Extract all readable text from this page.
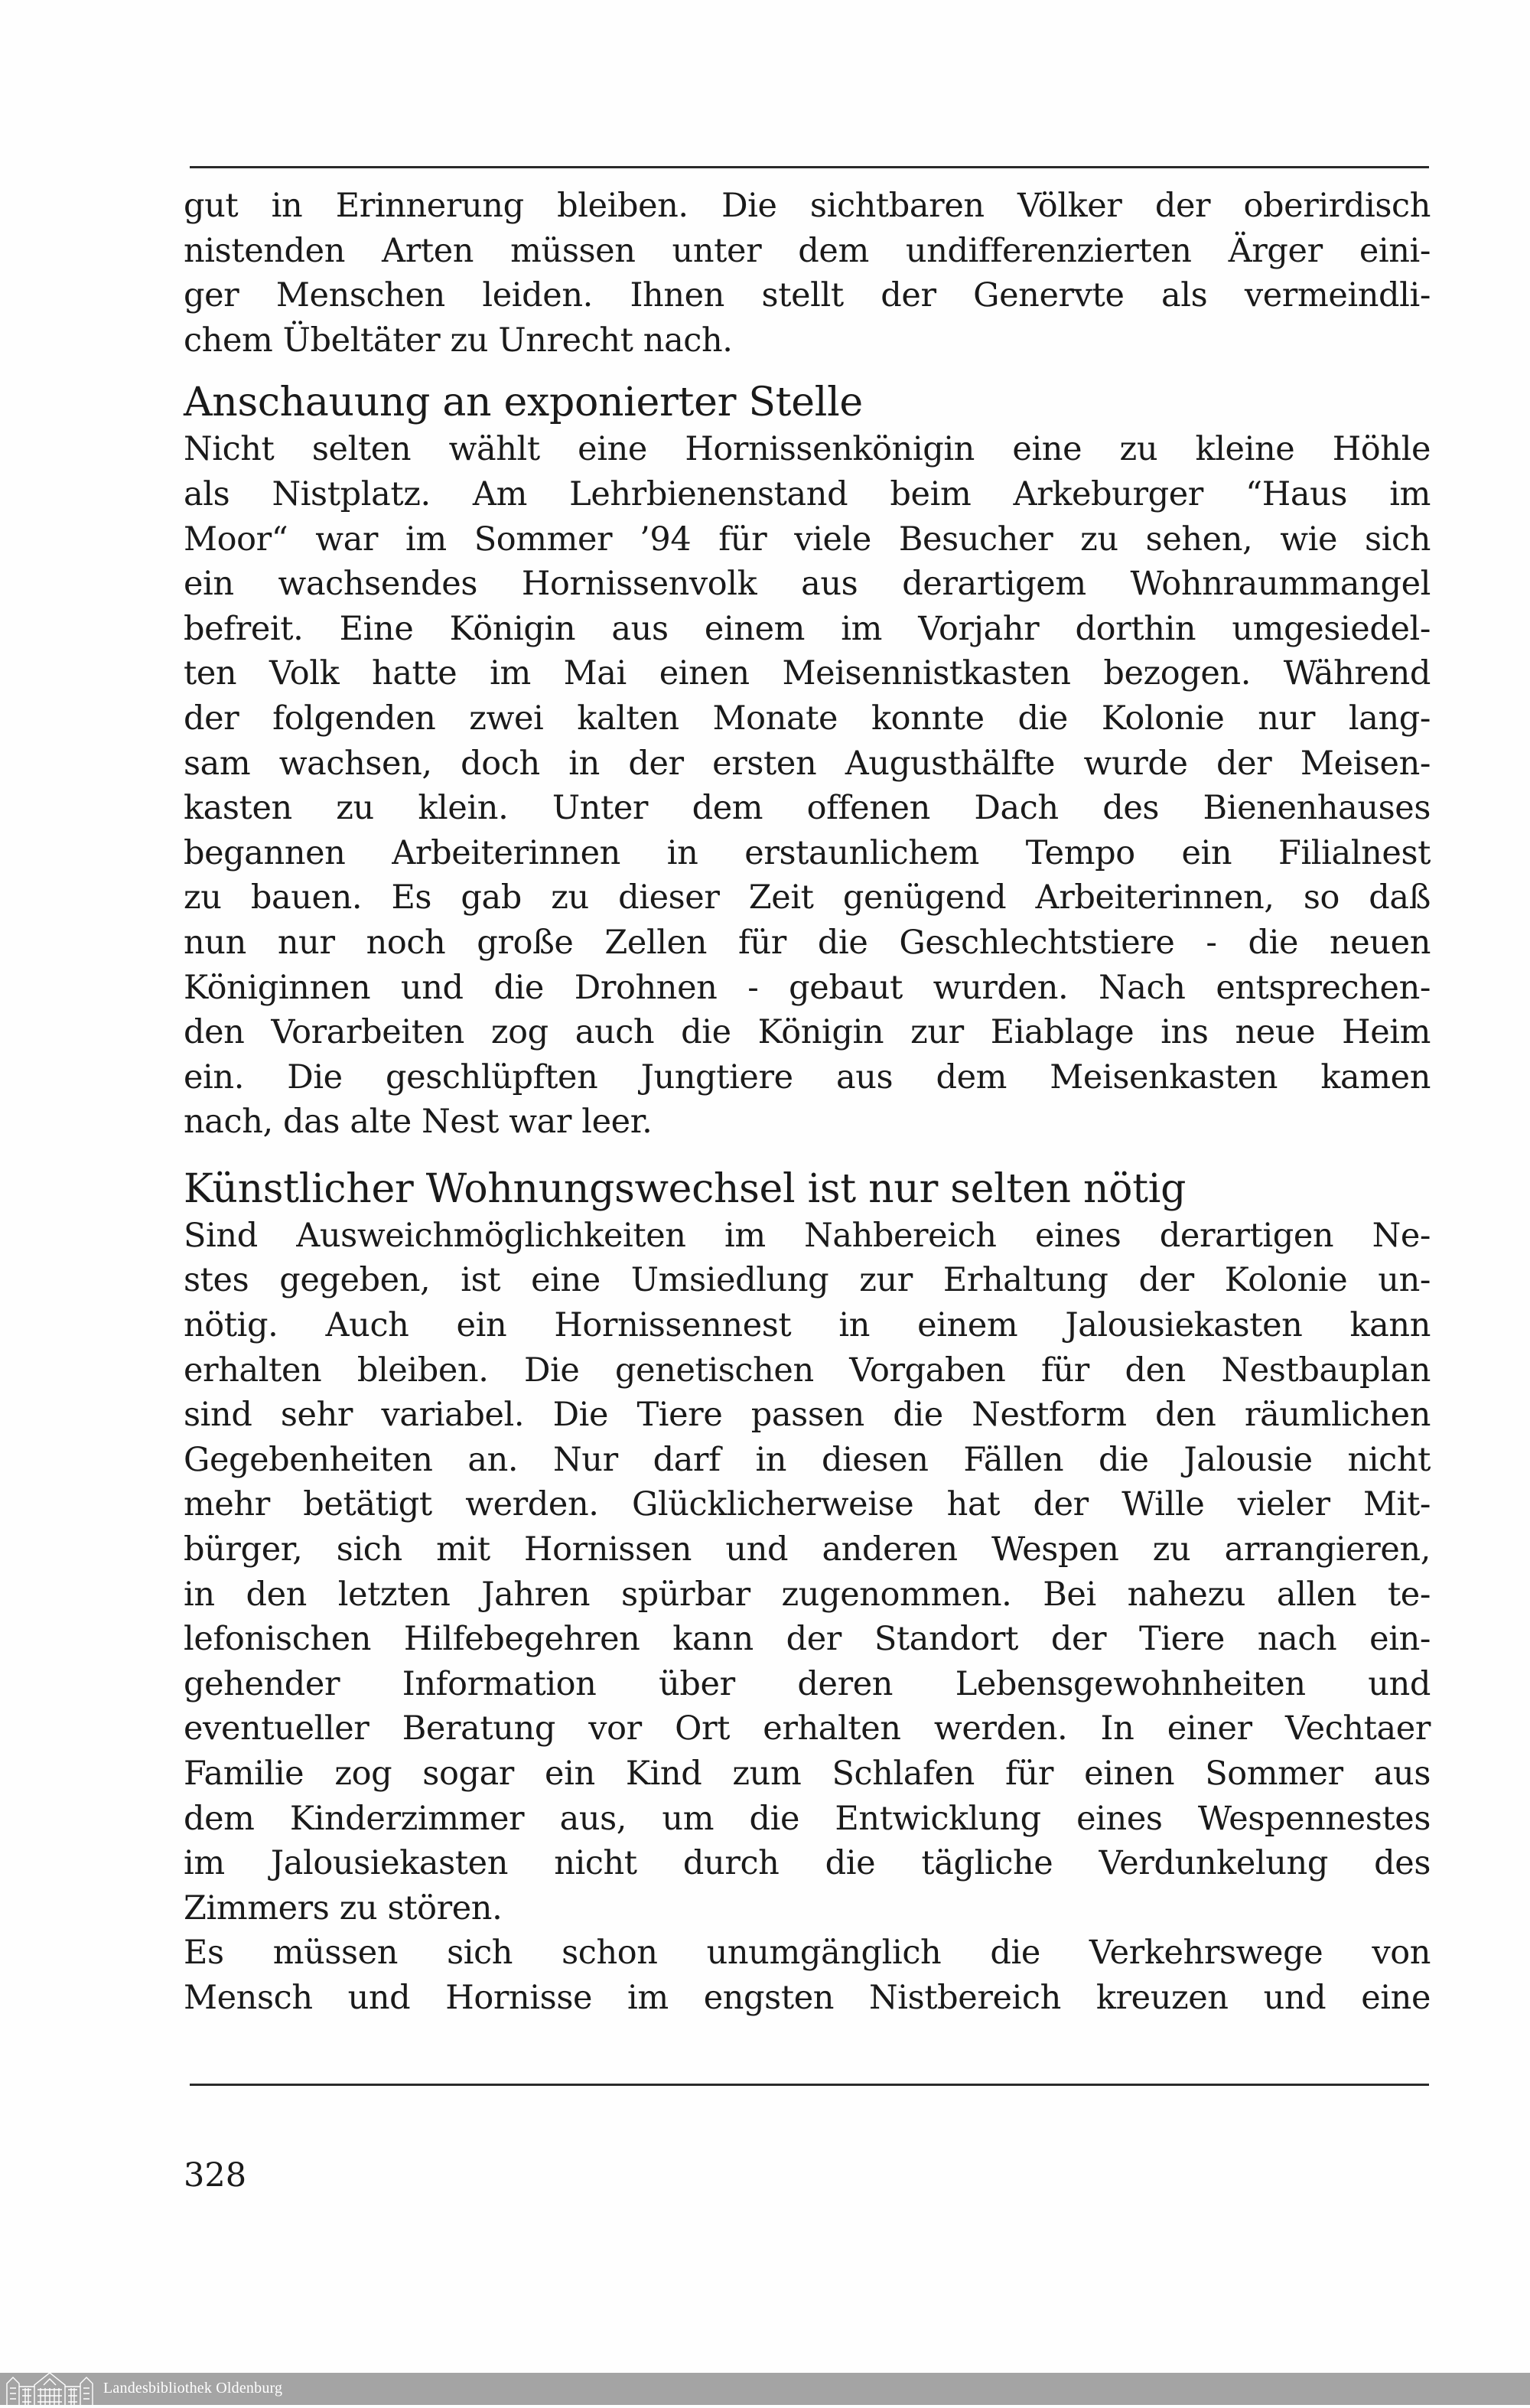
gut in Erinnerung bleiben. Die sichtbaren Völker der oberirdisch
nistenden Arten müssen unter dem undifferenzierten Ärger eini-
ger Menschen leiden. Ihnen stellt der Genervte als vermeindli-
chem Übeltäter zu Unrecht nach.

Anschauung an exponierter Stelle

Nicht selten wählt eine Hornissenkönigin eine zu kleine Höhle
als Nistplatz. Am Lehrbienenstand beim Arkeburger “Haus im
Moor“ war im Sommer ’94 für viele Besucher zu sehen, wie sich
ein wachsendes Hornissenvolk aus derartigem Wohnraummangel
befreit. Eine Königin aus einem im Vorjahr dorthin umgesiedel-
ten Volk hatte im Mai einen Meisennistkasten bezogen. Während
der folgenden zwei kalten Monate konnte die Kolonie nur lang-
sam wachsen, doch in der ersten Augusthälfte wurde der Meisen-
kasten zu klein. Unter dem offenen Dach des Bienenhauses
begannen Arbeiterinnen in erstaunlichem Tempo ein Filialnest
zu bauen. Es gab zu dieser Zeit genügend Arbeiterinnen, so daß
nun nur noch große Zellen für die Geschlechtstiere - die neuen
Königinnen und die Drohnen - gebaut wurden. Nach entsprechen-
den Vorarbeiten zog auch die Königin zur Eiablage ins neue Heim
ein. Die geschlüpften Jungtiere aus dem Meisenkasten kamen
nach, das alte Nest war leer.

Künstlicher Wohnungswechsel ist nur selten nötig

Sind Ausweichmöglichkeiten im Nahbereich eines derartigen Ne-
stes gegeben, ist eine Umsiedlung zur Erhaltung der Kolonie un-
nötig. Auch ein Hornissennest in einem Jalousiekasten kann
erhalten bleiben. Die genetischen Vorgaben für den Nestbauplan
sind sehr variabel. Die Tiere passen die Nestform den räumlichen
Gegebenheiten an. Nur darf in diesen Fällen die Jalousie nicht
mehr betätigt werden. Glücklicherweise hat der Wille vieler Mit-
bürger, sich mit Hornissen und anderen Wespen zu arrangieren,
in den letzten Jahren spürbar zugenommen. Bei nahezu allen te-
lefonischen Hilfebegehren kann der Standort der Tiere nach ein-
gehender Information über deren Lebensgewohnheiten und
eventueller Beratung vor Ort erhalten werden. In einer Vechtaer
Familie zog sogar ein Kind zum Schlafen für einen Sommer aus
dem Kinderzimmer aus, um die Entwicklung eines Wespennestes
im Jalousiekasten nicht durch die tägliche Verdunkelung des
Zimmers zu stören.

Es müssen sich schon unumgänglich die Verkehrswege von
Mensch und Hornisse im engsten Nistbereich kreuzen und eine

328
Landesbibliothek Oldenburg
